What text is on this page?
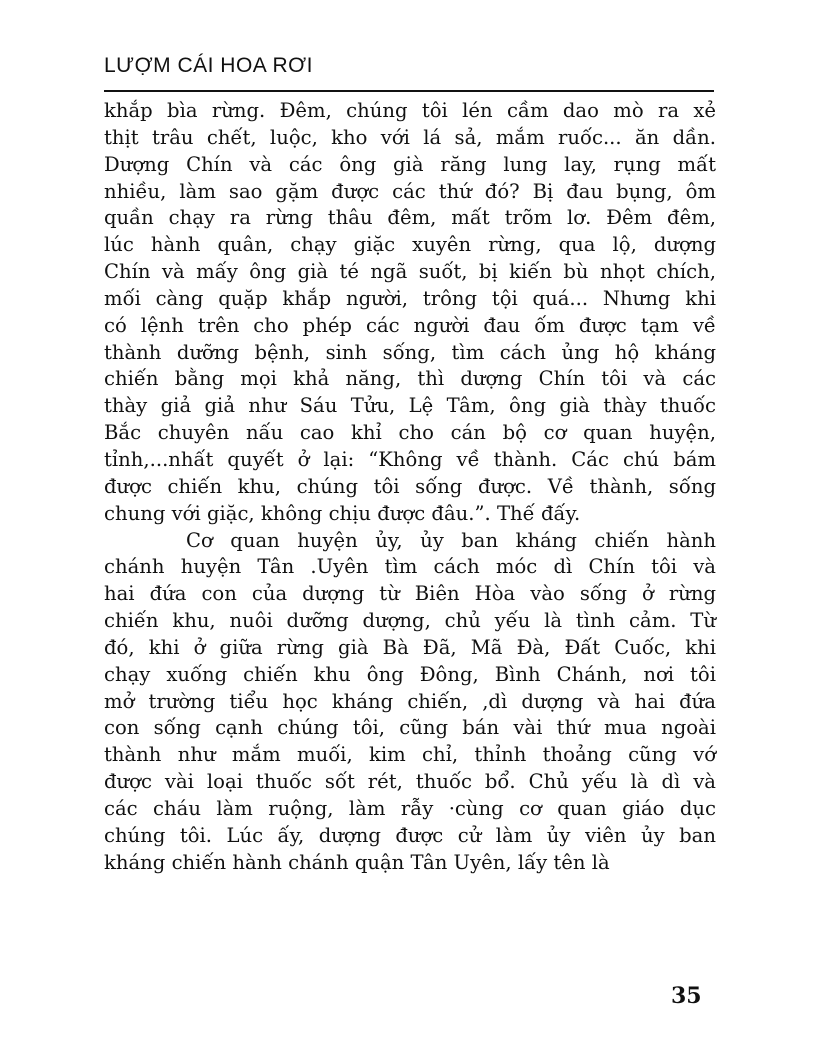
LƯỢM CÁI HOA RƠI
khắp bìa rừng. Đêm, chúng tôi lén cầm dao mò ra xẻ
thịt trâu chết, luộc, kho với lá sả, mắm ruốc... ăn dần.
Dượng Chín và các ông già răng lung lay, rụng mất
nhiều, làm sao gặm được các thứ đó? Bị đau bụng, ôm
quần chạy ra rừng thâu đêm, mất trõm lơ. Đêm đêm,
lúc hành quân, chạy giặc xuyên rừng, qua lộ, dượng
Chín và mấy ông già té ngã suốt, bị kiến bù nhọt chích,
mối càng quặp khắp người, trông tội quá... Nhưng khi
có lệnh trên cho phép các người đau ốm được tạm về
thành dưỡng bệnh, sinh sống, tìm cách ủng hộ kháng
chiến bằng mọi khả năng, thì dượng Chín tôi và các
thày giả giả như Sáu Tửu, Lệ Tâm, ông già thày thuốc
Bắc chuyên nấu cao khỉ cho cán bộ cơ quan huyện,
tỉnh,...nhất quyết ở lại: “Không về thành. Các chú bám
được chiến khu, chúng tôi sống được. Về thành, sống
chung với giặc, không chịu được đâu.”. Thế đấy.
Cơ quan huyện ủy, ủy ban kháng chiến hành
chánh huyện Tân .Uyên tìm cách móc dì Chín tôi và
hai đứa con của dượng từ Biên Hòa vào sống ở rừng
chiến khu, nuôi dưỡng dượng, chủ yếu là tình cảm. Từ
đó, khi ở giữa rừng già Bà Đã, Mã Đà, Đất Cuốc, khi
chạy xuống chiến khu ông Đông, Bình Chánh, nơi tôi
mở trường tiểu học kháng chiến, ,dì dượng và hai đứa
con sống cạnh chúng tôi, cũng bán vài thứ mua ngoài
thành như mắm muối, kim chỉ, thỉnh thoảng cũng vớ
được vài loại thuốc sốt rét, thuốc bổ. Chủ yếu là dì và
các cháu làm ruộng, làm rẫy ·cùng cơ quan giáo dục
chúng tôi. Lúc ấy, dượng được cử làm ủy viên ủy ban
kháng chiến hành chánh quận Tân Uyên, lấy tên là
35
